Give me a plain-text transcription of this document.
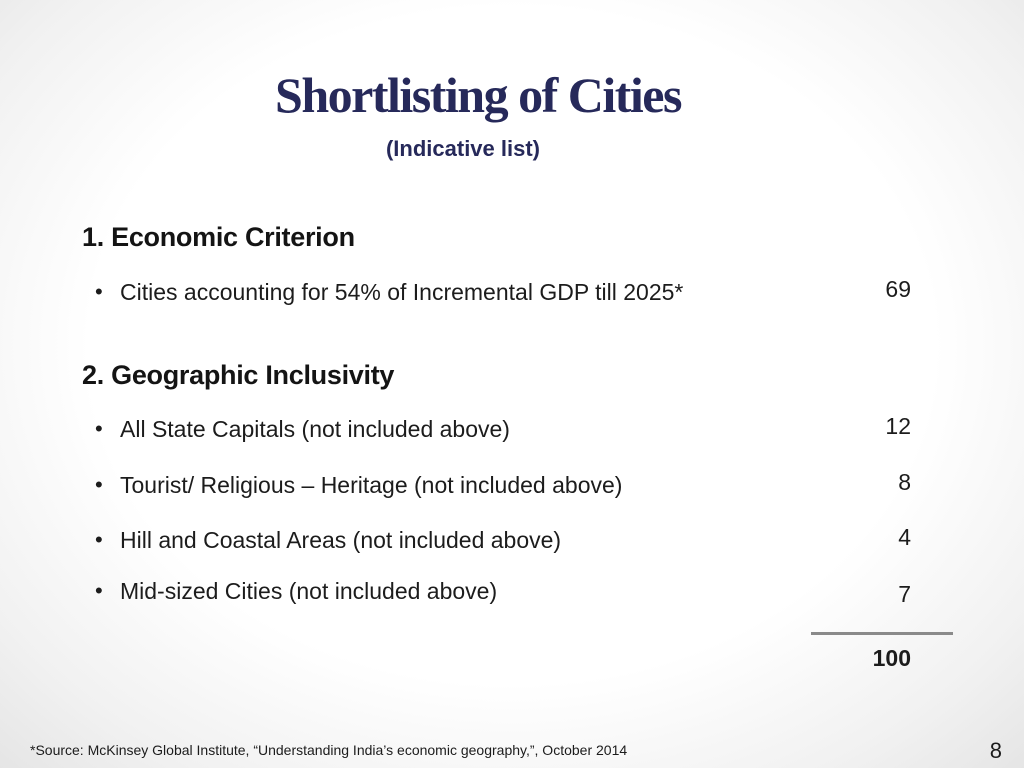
Shortlisting of Cities
(Indicative list)
1. Economic Criterion
• Cities accounting for 54% of Incremental GDP till 2025*	69
2. Geographic Inclusivity
• All State Capitals (not included above)	12
• Tourist/ Religious – Heritage (not included above)	8
• Hill and Coastal Areas (not included above)	4
• Mid-sized Cities (not included above)	7
100
*Source: McKinsey Global Institute, “Understanding India’s economic geography,”, October 2014	8
